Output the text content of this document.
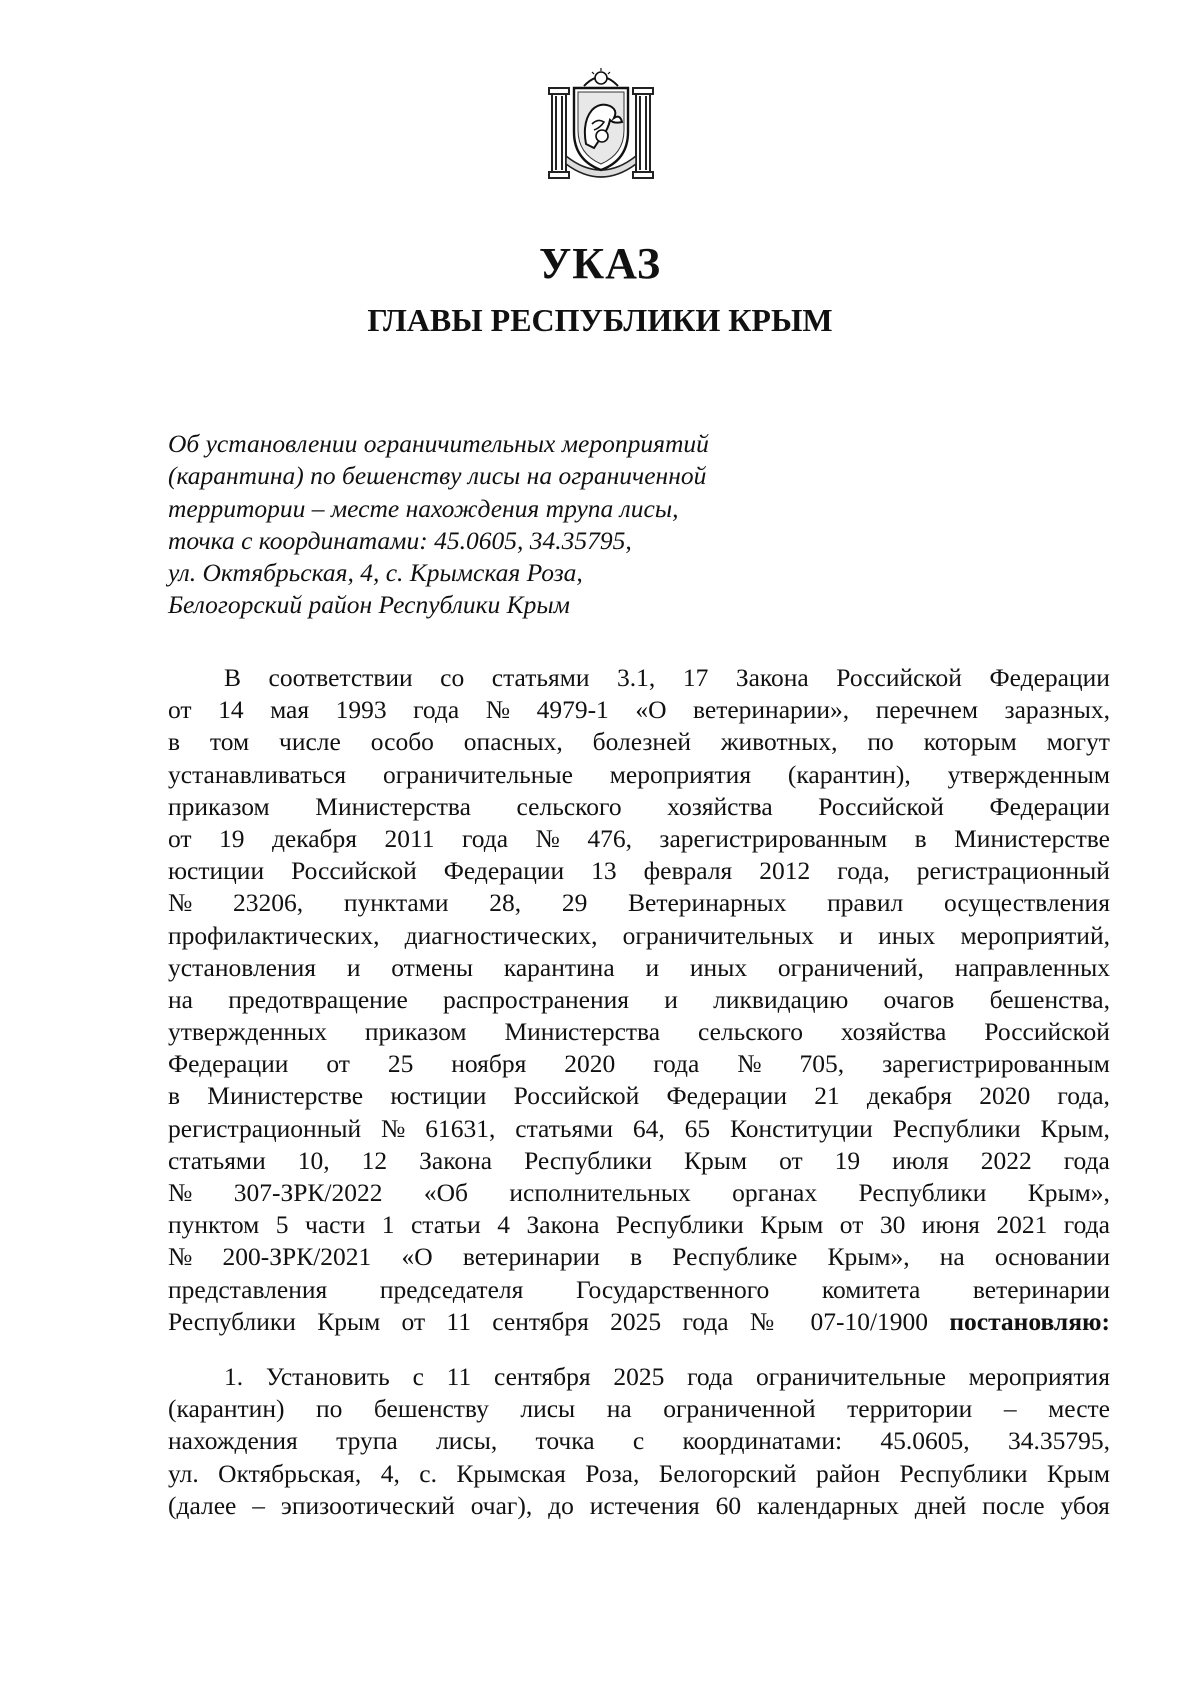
УКАЗ
ГЛАВЫ РЕСПУБЛИКИ КРЫМ
Об установлении ограничительных мероприятий
(карантина) по бешенству лисы на ограниченной
территории – месте нахождения трупа лисы,
точка с координатами: 45.0605, 34.35795,
ул. Октябрьская, 4, с. Крымская Роза,
Белогорский район Республики Крым
В соответствии со статьями 3.1, 17 Закона Российской Федерации
от 14 мая 1993 года № 4979-1 «О ветеринарии», перечнем заразных,
в том числе особо опасных, болезней животных, по которым могут
устанавливаться ограничительные мероприятия (карантин), утвержденным
приказом Министерства сельского хозяйства Российской Федерации
от 19 декабря 2011 года № 476, зарегистрированным в Министерстве
юстиции Российской Федерации 13 февраля 2012 года, регистрационный
№ 23206, пунктами 28, 29 Ветеринарных правил осуществления
профилактических, диагностических, ограничительных и иных мероприятий,
установления и отмены карантина и иных ограничений, направленных
на предотвращение распространения и ликвидацию очагов бешенства,
утвержденных приказом Министерства сельского хозяйства Российской
Федерации от 25 ноября 2020 года № 705, зарегистрированным
в Министерстве юстиции Российской Федерации 21 декабря 2020 года,
регистрационный № 61631, статьями 64, 65 Конституции Республики Крым,
статьями 10, 12 Закона Республики Крым от 19 июля 2022 года
№ 307-ЗРК/2022 «Об исполнительных органах Республики Крым»,
пунктом 5 части 1 статьи 4 Закона Республики Крым от 30 июня 2021 года
№ 200-ЗРК/2021 «О ветеринарии в Республике Крым», на основании
представления председателя Государственного комитета ветеринарии
Республики Крым от 11 сентября 2025 года № 07-10/1900 постановляю:
1. Установить с 11 сентября 2025 года ограничительные мероприятия
(карантин) по бешенству лисы на ограниченной территории – месте
нахождения трупа лисы, точка с координатами: 45.0605, 34.35795,
ул. Октябрьская, 4, с. Крымская Роза, Белогорский район Республики Крым
(далее – эпизоотический очаг), до истечения 60 календарных дней после убоя
